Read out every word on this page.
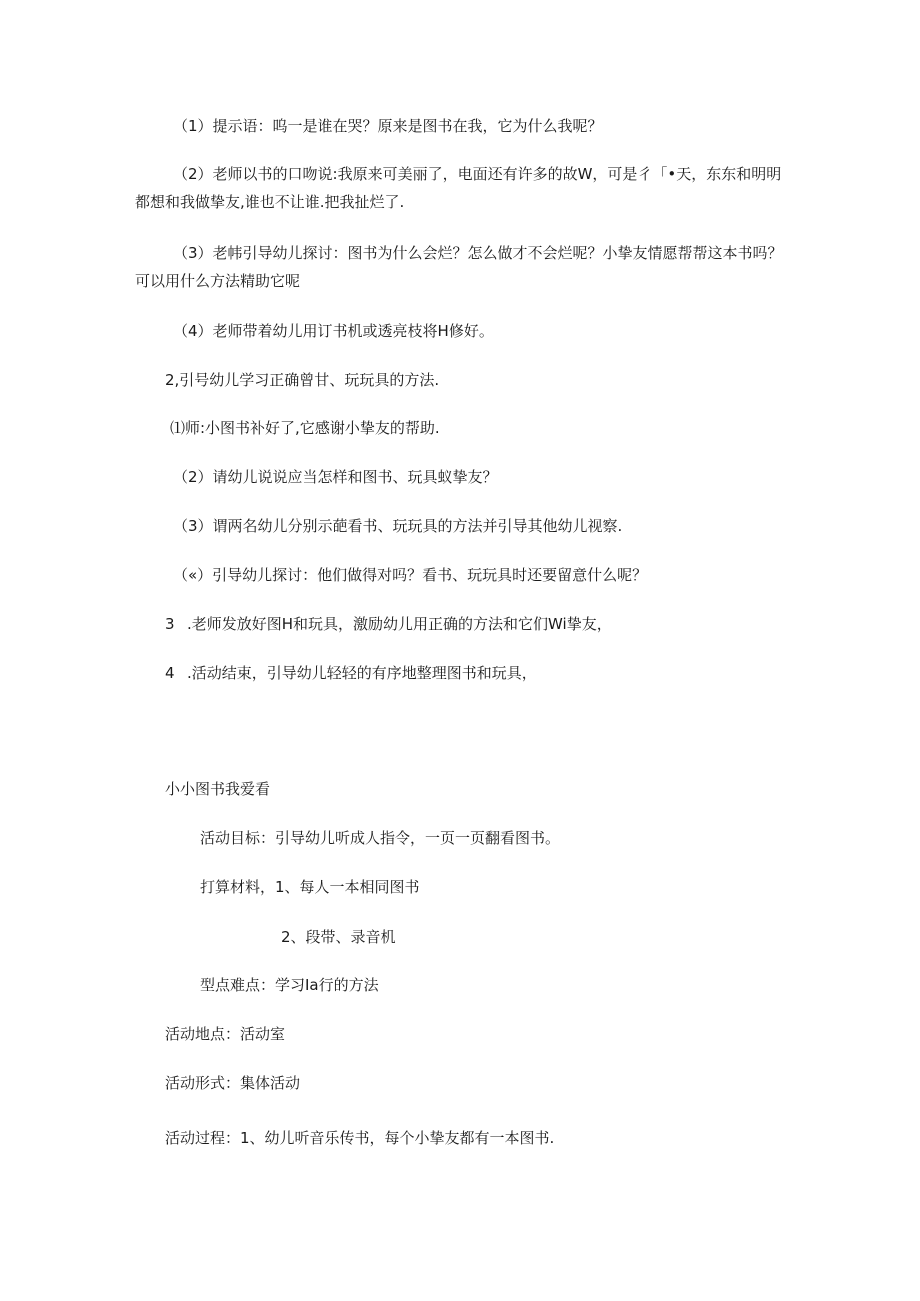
（1）提示语：呜一是谁在哭？原来是图书在我，它为什么我呢？

（2）老师以书的口吻说:我原来可美丽了，电面还有许多的故W，可是彳「•天，东东和明明

都想和我做挚友,谁也不让谁.把我扯烂了.

（3）老帏引导幼儿探讨：图书为什么会烂？怎么做才不会烂呢？小挚友情愿帮帮这本书吗？

可以用什么方法精助它呢

（4）老师带着幼儿用订书机或透亮枝将H修好。

2,引号幼儿学习正确曾甘、玩玩具的方法.

⑴师:小图书补好了,它感谢小挚友的帮助.

（2）请幼儿说说应当怎样和图书、玩具蚁挚友？

（3）谓两名幼儿分别示葩看书、玩玩具的方法并引导其他幼儿视察.

（«）引导幼儿探讨：他们做得对吗？看书、玩玩具时还要留意什么呢？

3 .老师发放好图H和玩具，激励幼儿用正确的方法和它们Wi挚友，

4 .活动结束，引导幼儿轻轻的有序地整理图书和玩具，

小小图书我爱看

活动目标：引导幼儿听成人指令，一页一页翻看图书。

打算材料，1、每人一本相同图书

2、段带、录音机

型点难点：学习Ia行的方法

活动地点：活动室

活动形式：集体活动

活动过程：1、幼儿听音乐传书，每个小挚友都有一本图书.
